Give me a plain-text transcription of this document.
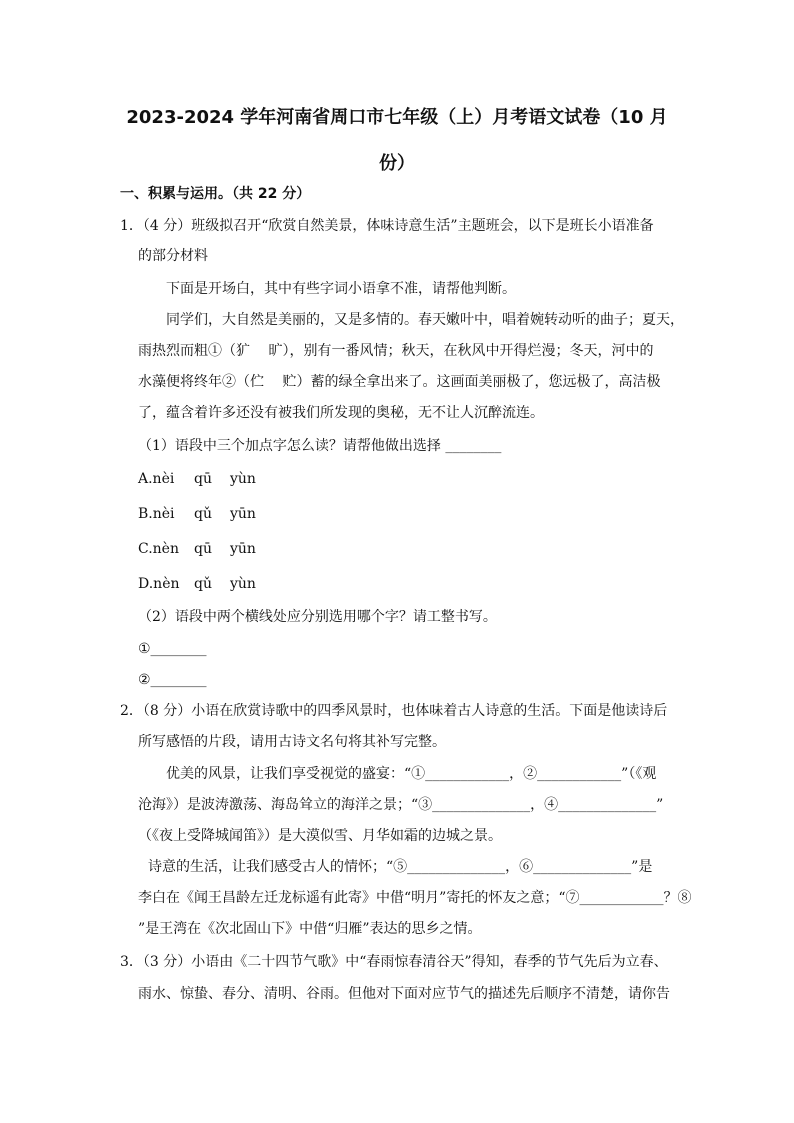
2023-2024 学年河南省周口市七年级（上）月考语文试卷（10 月
份）
一、积累与运用。（共 22 分）
1．（4 分）班级拟召开“欣赏自然美景，体味诗意生活”主题班会，以下是班长小语准备
的部分材料
下面是开场白，其中有些字词小语拿不准，请帮他判断。
同学们，大自然是美丽的，又是多情的。春天嫩叶中，唱着婉转动听的曲子；夏天，
雨热烈而粗①（犷　 旷），别有一番风情；秋天，在秋风中开得烂漫；冬天，河中的
水藻便将终年②（伫　 贮）蓄的绿全拿出来了。这画面美丽极了，您远极了，高洁极
了，蕴含着许多还没有被我们所发现的奥秘，无不让人沉醉流连。
（1）语段中三个加点字怎么读？请帮他做出选择 ________
A.nèi qū yùn
B.nèi qǔ yūn
C.nèn qū yūn
D.nèn qǔ yùn
（2）语段中两个横线处应分别选用哪个字？请工整书写。
①________
②________
2．（8 分）小语在欣赏诗歌中的四季风景时，也体味着古人诗意的生活。下面是他读诗后
所写感悟的片段，请用古诗文名句将其补写完整。
优美的风景，让我们享受视觉的盛宴：“①____________，②____________”（《观
沧海》）是波涛激荡、海岛耸立的海洋之景；“③______________，④______________”
（《夜上受降城闻笛》）是大漠似雪、月华如霜的边城之景。
诗意的生活，让我们感受古人的情怀；“⑤______________，⑥______________”是
李白在《闻王昌龄左迁龙标遥有此寄》中借“明月”寄托的怀友之意；“⑦____________？⑧
”是王湾在《次北固山下》中借“归雁”表达的思乡之情。
3．（3 分）小语由《二十四节气歌》中“春雨惊春清谷天”得知，春季的节气先后为立春、
雨水、惊蛰、春分、清明、谷雨。但他对下面对应节气的描述先后顺序不清楚，请你告
